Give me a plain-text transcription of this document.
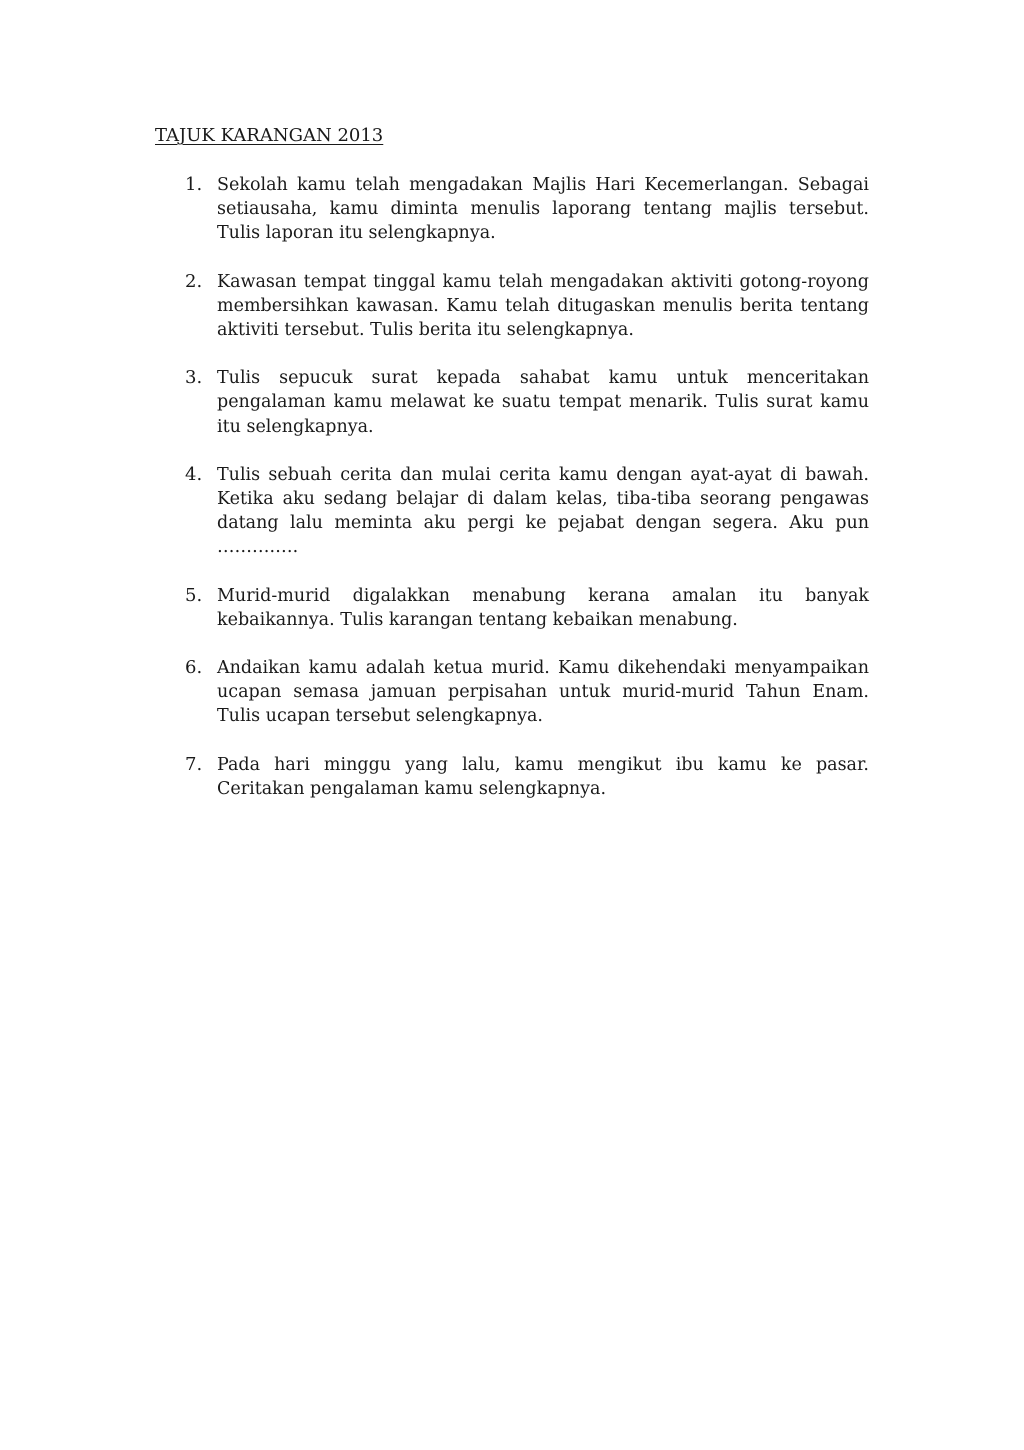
TAJUK KARANGAN 2013
1. Sekolah kamu telah mengadakan Majlis Hari Kecemerlangan. Sebagai setiausaha, kamu diminta menulis laporang tentang majlis tersebut. Tulis laporan itu selengkapnya.
2. Kawasan tempat tinggal kamu telah mengadakan aktiviti gotong-royong membersihkan kawasan. Kamu telah ditugaskan menulis berita tentang aktiviti tersebut. Tulis berita itu selengkapnya.
3. Tulis sepucuk surat kepada sahabat kamu untuk menceritakan pengalaman kamu melawat ke suatu tempat menarik. Tulis surat kamu itu selengkapnya.
4. Tulis sebuah cerita dan mulai cerita kamu dengan ayat-ayat di bawah. Ketika aku sedang belajar di dalam kelas, tiba-tiba seorang pengawas datang lalu meminta aku pergi ke pejabat dengan segera. Aku pun ……….….
5. Murid-murid digalakkan menabung kerana amalan itu banyak kebaikannya. Tulis karangan tentang kebaikan menabung.
6. Andaikan kamu adalah ketua murid. Kamu dikehendaki menyampaikan ucapan semasa jamuan perpisahan untuk murid-murid Tahun Enam. Tulis ucapan tersebut selengkapnya.
7. Pada hari minggu yang lalu, kamu mengikut ibu kamu ke pasar. Ceritakan pengalaman kamu selengkapnya.
